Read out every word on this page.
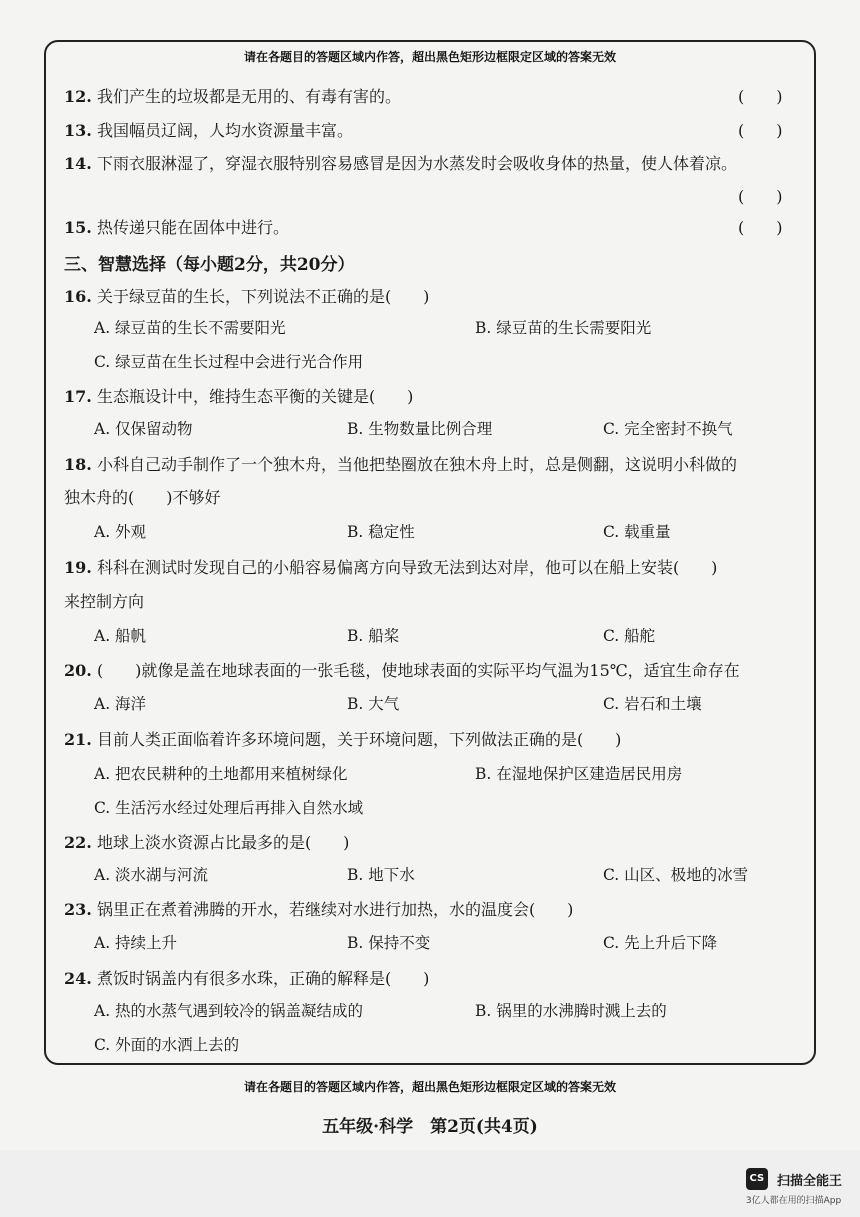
请在各题目的答题区域内作答，超出黑色矩形边框限定区域的答案无效
12. 我们产生的垃圾都是无用的、有毒有害的。	(　　)
13. 我国幅员辽阔，人均水资源量丰富。	(　　)
14. 下雨衣服淋湿了，穿湿衣服特别容易感冒是因为水蒸发时会吸收身体的热量，使人体着凉。
(　　)
15. 热传递只能在固体中进行。	(　　)
三、智慧选择（每小题2分，共20分）
16. 关于绿豆苗的生长，下列说法不正确的是(　　)
A. 绿豆苗的生长不需要阳光	B. 绿豆苗的生长需要阳光
C. 绿豆苗在生长过程中会进行光合作用
17. 生态瓶设计中，维持生态平衡的关键是(　　)
A. 仅保留动物	B. 生物数量比例合理	C. 完全密封不换气
18. 小科自己动手制作了一个独木舟，当他把垫圈放在独木舟上时，总是侧翻，这说明小科做的
独木舟的(　　)不够好
A. 外观	B. 稳定性	C. 载重量
19. 科科在测试时发现自己的小船容易偏离方向导致无法到达对岸，他可以在船上安装(　　)
来控制方向
A. 船帆	B. 船桨	C. 船舵
20. (　　)就像是盖在地球表面的一张毛毯，使地球表面的实际平均气温为15℃，适宜生命存在
A. 海洋	B. 大气	C. 岩石和土壤
21. 目前人类正面临着许多环境问题，关于环境问题，下列做法正确的是(　　)
A. 把农民耕种的土地都用来植树绿化	B. 在湿地保护区建造居民用房
C. 生活污水经过处理后再排入自然水域
22. 地球上淡水资源占比最多的是(　　)
A. 淡水湖与河流	B. 地下水	C. 山区、极地的冰雪
23. 锅里正在煮着沸腾的开水，若继续对水进行加热，水的温度会(　　)
A. 持续上升	B. 保持不变	C. 先上升后下降
24. 煮饭时锅盖内有很多水珠，正确的解释是(　　)
A. 热的水蒸气遇到较冷的锅盖凝结成的	B. 锅里的水沸腾时溅上去的
C. 外面的水洒上去的
请在各题目的答题区域内作答，超出黑色矩形边框限定区域的答案无效
五年级·科学　第2页(共4页)
CS 扫描全能王
3亿人都在用的扫描App
